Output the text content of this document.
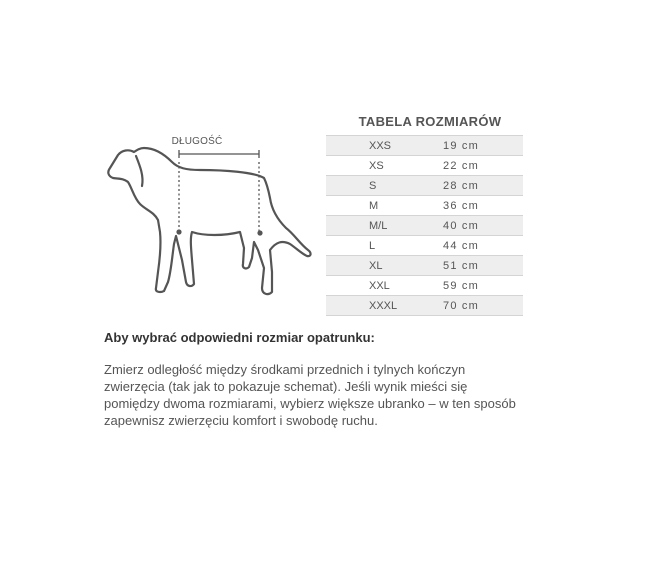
DŁUGOŚĆ
TABELA ROZMIARÓW
XXS	19 cm
XS	22 cm
S	28 cm
M	36 cm
M/L	40 cm
L	44 cm
XL	51 cm
XXL	59 cm
XXXL	70 cm
Aby wybrać odpowiedni rozmiar opatrunku:
Zmierz odległość między środkami przednich i tylnych kończyn zwierzęcia (tak jak to pokazuje schemat). Jeśli wynik mieści się pomiędzy dwoma rozmiarami, wybierz większe ubranko – w ten sposób zapewnisz zwierzęciu komfort i swobodę ruchu.
